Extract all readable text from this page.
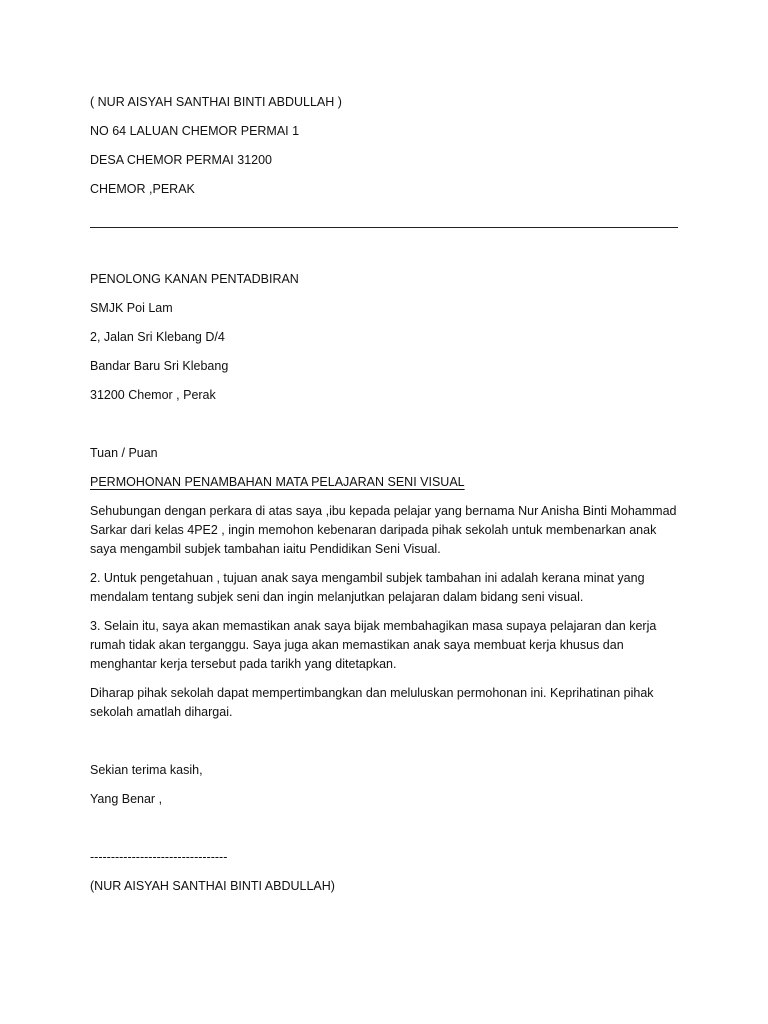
( NUR AISYAH SANTHAI BINTI ABDULLAH )
NO 64 LALUAN CHEMOR PERMAI 1
DESA CHEMOR PERMAI 31200
CHEMOR ,PERAK
PENOLONG KANAN PENTADBIRAN
SMJK Poi Lam
2, Jalan Sri Klebang D/4
Bandar Baru Sri Klebang
31200 Chemor , Perak
Tuan / Puan
PERMOHONAN PENAMBAHAN MATA PELAJARAN SENI VISUAL
Sehubungan dengan perkara di atas saya ,ibu kepada pelajar yang bernama Nur Anisha Binti Mohammad Sarkar dari kelas 4PE2 , ingin memohon kebenaran daripada pihak sekolah untuk membenarkan anak saya mengambil subjek tambahan iaitu Pendidikan Seni Visual.
2. Untuk pengetahuan , tujuan anak saya mengambil subjek tambahan ini adalah kerana minat yang mendalam tentang subjek seni dan ingin melanjutkan pelajaran dalam bidang seni visual.
3. Selain itu, saya akan memastikan anak saya bijak membahagikan masa supaya pelajaran dan kerja rumah tidak akan terganggu. Saya juga akan memastikan anak saya membuat kerja khusus dan menghantar kerja tersebut pada tarikh yang ditetapkan.
Diharap pihak sekolah dapat mempertimbangkan dan meluluskan permohonan ini. Keprihatinan pihak sekolah amatlah dihargai.
Sekian terima kasih,
Yang Benar ,
---------------------------------
(NUR AISYAH SANTHAI BINTI ABDULLAH)
